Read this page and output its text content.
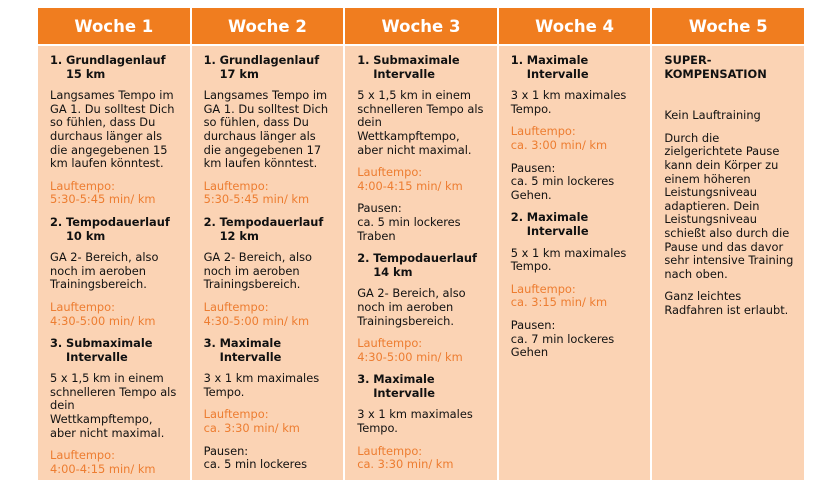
Woche 1
1. Grundlagenlauf
15 km
Langsames Tempo im GA 1. Du solltest Dich so fühlen, dass Du durchaus länger als die angegebenen 15 km laufen könntest.
Lauftempo:
5:30-5:45 min/ km
2. Tempodauerlauf
10 km
GA 2- Bereich, also noch im aeroben Trainingsbereich.
Lauftempo:
4:30-5:00 min/ km
3. Submaximale
Intervalle
5 x 1,5 km in einem schnelleren Tempo als dein Wettkampftempo, aber nicht maximal.
Lauftempo:
4:00-4:15 min/ km
Woche 2
1. Grundlagenlauf
17 km
Langsames Tempo im GA 1. Du solltest Dich so fühlen, dass Du durchaus länger als die angegebenen 17 km laufen könntest.
Lauftempo:
5:30-5:45 min/ km
2. Tempodauerlauf
12 km
GA 2- Bereich, also noch im aeroben Trainingsbereich.
Lauftempo:
4:30-5:00 min/ km
3. Maximale
Intervalle
3 x 1 km maximales Tempo.
Lauftempo:
ca. 3:30 min/ km
Pausen:
ca. 5 min lockeres
Woche 3
1. Submaximale
Intervalle
5 x 1,5 km in einem schnelleren Tempo als dein Wettkampftempo, aber nicht maximal.
Lauftempo:
4:00-4:15 min/ km
Pausen:
ca. 5 min lockeres Traben
2. Tempodauerlauf
14 km
GA 2- Bereich, also noch im aeroben Trainingsbereich.
Lauftempo:
4:30-5:00 min/ km
3. Maximale
Intervalle
3 x 1 km maximales Tempo.
Lauftempo:
ca. 3:30 min/ km
Woche 4
1. Maximale
Intervalle
3 x 1 km maximales Tempo.
Lauftempo:
ca. 3:00 min/ km
Pausen:
ca. 5 min lockeres Gehen.
2. Maximale
Intervalle
5 x 1 km maximales Tempo.
Lauftempo:
ca. 3:15 min/ km
Pausen:
ca. 7 min lockeres Gehen
Woche 5
SUPER-
KOMPENSATION
Kein Lauftraining
Durch die zielgerichtete Pause kann dein Körper zu einem höheren Leistungsniveau adaptieren. Dein Leistungsniveau schießt also durch die Pause und das davor sehr intensive Training nach oben.
Ganz leichtes Radfahren ist erlaubt.
